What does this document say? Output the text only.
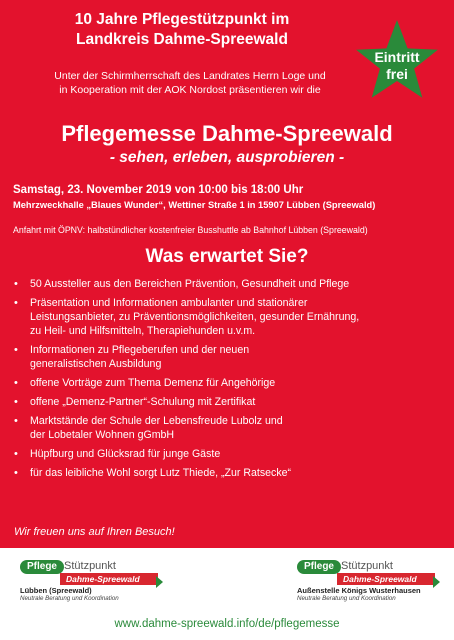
10 Jahre Pflegestützpunkt im
Landkreis Dahme-Spreewald
Unter der Schirmherrschaft des Landrates Herrn Loge und
in Kooperation mit der AOK Nordost präsentieren wir die
Eintritt
frei
Pflegemesse Dahme-Spreewald
- sehen, erleben, ausprobieren -
Samstag, 23. November 2019 von 10:00 bis 18:00 Uhr
Mehrzweckhalle „Blaues Wunder“, Wettiner Straße 1 in 15907 Lübben (Spreewald)
Anfahrt mit ÖPNV: halbstündlicher kostenfreier Busshuttle ab Bahnhof Lübben (Spreewald)
Was erwartet Sie?
• 50 Aussteller aus den Bereichen Prävention, Gesundheit und Pflege
• Präsentation und Informationen ambulanter und stationärer
Leistungsanbieter, zu Präventionsmöglichkeiten, gesunder Ernährung,
zu Heil- und Hilfsmitteln, Therapiehunden u.v.m.
• Informationen zu Pflegeberufen und der neuen
generalistischen Ausbildung
• offene Vorträge zum Thema Demenz für Angehörige
• offene „Demenz-Partner“-Schulung mit Zertifikat
• Marktstände der Schule der Lebensfreude Lubolz und
der Lobetaler Wohnen gGmbH
• Hüpfburg und Glücksrad für junge Gäste
• für das leibliche Wohl sorgt Lutz Thiede, „Zur Ratsecke“
Wir freuen uns auf Ihren Besuch!
Pflege Stützpunkt
Dahme-Spreewald
Lübben (Spreewald)
Neutrale Beratung und Koordination
Pflege Stützpunkt
Dahme-Spreewald
Außenstelle Königs Wusterhausen
Neutrale Beratung und Koordination
www.dahme-spreewald.info/de/pflegemesse
